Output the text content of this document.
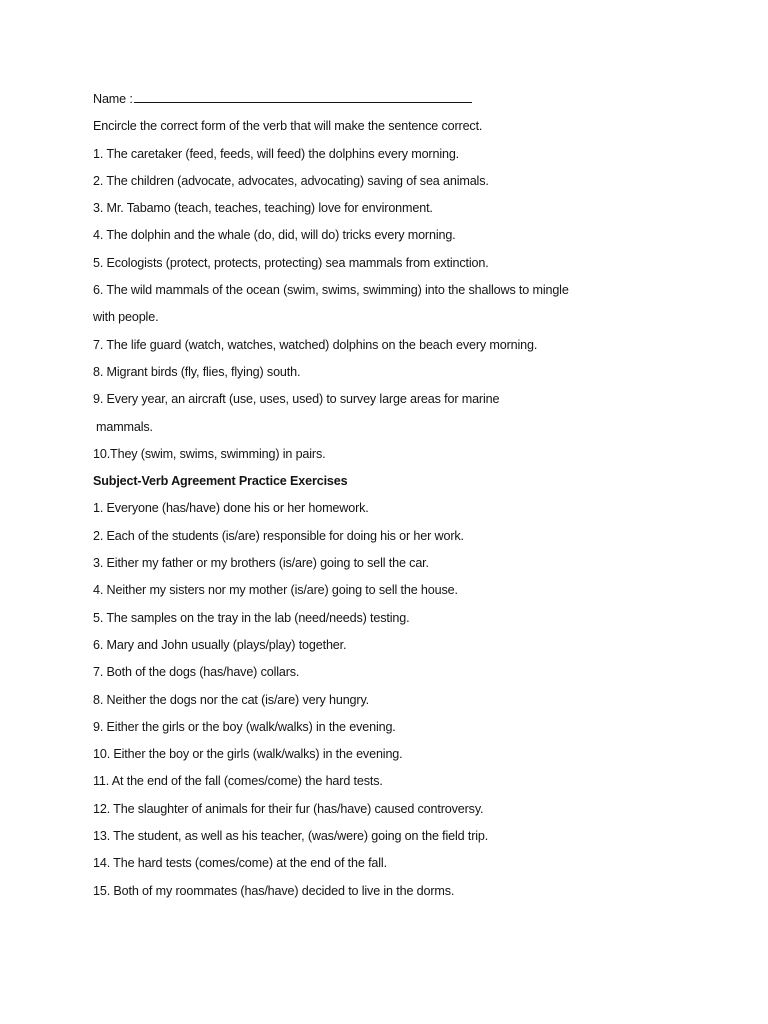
Name :
Encircle the correct form of the verb that will make the sentence correct.
1. The caretaker (feed, feeds, will feed) the dolphins every morning.
2. The children (advocate, advocates, advocating) saving of sea animals.
3. Mr. Tabamo (teach, teaches, teaching) love for environment.
4. The dolphin and the whale (do, did, will do) tricks every morning.
5. Ecologists (protect, protects, protecting) sea mammals from extinction.
6. The wild mammals of the ocean (swim, swims, swimming) into the shallows to mingle
with people.
7. The life guard (watch, watches, watched) dolphins on the beach every morning.
8. Migrant birds (fly, flies, flying) south.
9. Every year, an aircraft (use, uses, used) to survey large areas for marine
mammals.
10.They (swim, swims, swimming) in pairs.
Subject-Verb Agreement Practice Exercises
1. Everyone (has/have) done his or her homework.
2. Each of the students (is/are) responsible for doing his or her work.
3. Either my father or my brothers (is/are) going to sell the car.
4. Neither my sisters nor my mother (is/are) going to sell the house.
5. The samples on the tray in the lab (need/needs) testing.
6. Mary and John usually (plays/play) together.
7. Both of the dogs (has/have) collars.
8. Neither the dogs nor the cat (is/are) very hungry.
9. Either the girls or the boy (walk/walks) in the evening.
10. Either the boy or the girls (walk/walks) in the evening.
11. At the end of the fall (comes/come) the hard tests.
12. The slaughter of animals for their fur (has/have) caused controversy.
13. The student, as well as his teacher, (was/were) going on the field trip.
14. The hard tests (comes/come) at the end of the fall.
15. Both of my roommates (has/have) decided to live in the dorms.
